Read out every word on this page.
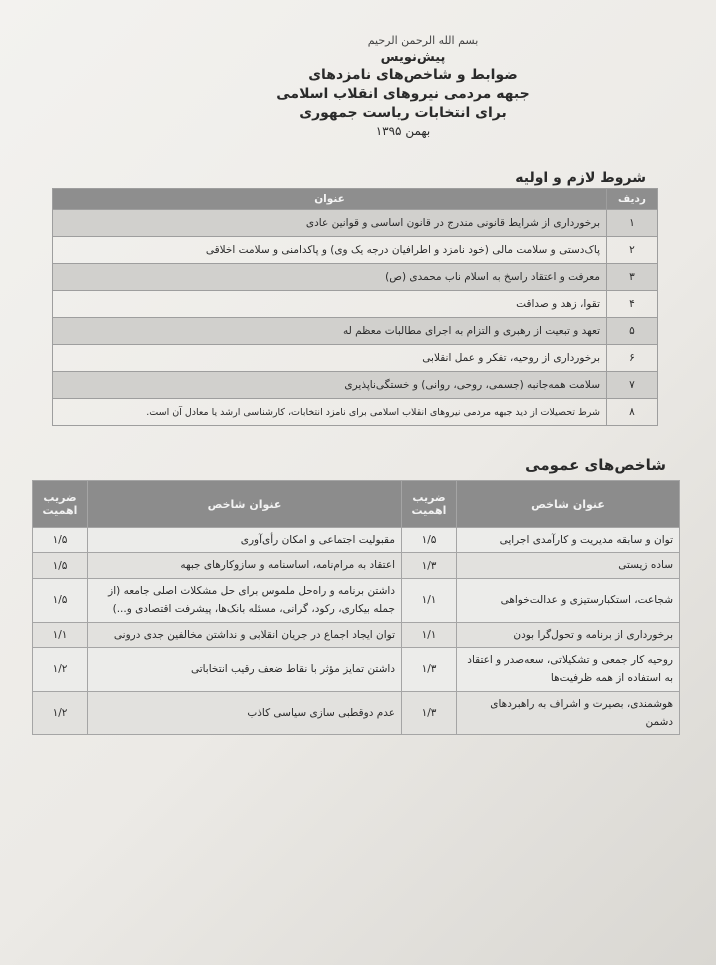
بسم الله الرحمن الرحیم
پیش‌نویس
ضوابط و شاخص‌های نامزدهای
جبهه مردمی نیروهای انقلاب اسلامی
برای انتخابات ریاست جمهوری
بهمن ۱۳۹۵
شروط لازم و اولیه
ردیف	عنوان
۱	برخورداری از شرایط قانونی مندرج در قانون اساسی و قوانین عادی
۲	پاک‌دستی و سلامت مالی (خود نامزد و اطرافیان درجه یک وی) و پاکدامنی و سلامت اخلاقی
۳	معرفت و اعتقاد راسخ به اسلام ناب محمدی (ص)
۴	تقوا، زهد و صداقت
۵	تعهد و تبعیت از رهبری و التزام به اجرای مطالبات معظم له
۶	برخورداری از روحیه، تفکر و عمل انقلابی
۷	سلامت همه‌جانبه (جسمی، روحی، روانی) و خستگی‌ناپذیری
۸	شرط تحصیلات از دید جبهه مردمی نیروهای انقلاب اسلامی برای نامزد انتخابات، کارشناسی ارشد یا معادل آن است.
شاخص‌های عمومی
عنوان شاخص	ضریب اهمیت	عنوان شاخص	ضریب اهمیت
توان و سابقه مدیریت و کارآمدی اجرایی	۱/۵	مقبولیت اجتماعی و امکان رأی‌آوری	۱/۵
ساده زیستی	۱/۳	اعتقاد به مرام‌نامه، اساسنامه و سازوکارهای جبهه	۱/۵
شجاعت، استکبارستیزی و عدالت‌خواهی	۱/۱	داشتن برنامه و راه‌حل ملموس برای حل مشکلات اصلی جامعه (از جمله بیکاری، رکود، گرانی، مسئله بانک‌ها، پیشرفت اقتصادی و...)	۱/۵
برخورداری از برنامه و تحول‌گرا بودن	۱/۱	توان ایجاد اجماع در جریان انقلابی و نداشتن مخالفین جدی درونی	۱/۱
روحیه کار جمعی و تشکیلاتی، سعه‌صدر و اعتقاد به استفاده از همه ظرفیت‌ها	۱/۳	داشتن تمایز مؤثر با نقاط ضعف رقیب انتخاباتی	۱/۲
هوشمندی، بصیرت و اشراف به راهبردهای دشمن	۱/۳	عدم دوقطبی سازی سیاسی کاذب	۱/۲
